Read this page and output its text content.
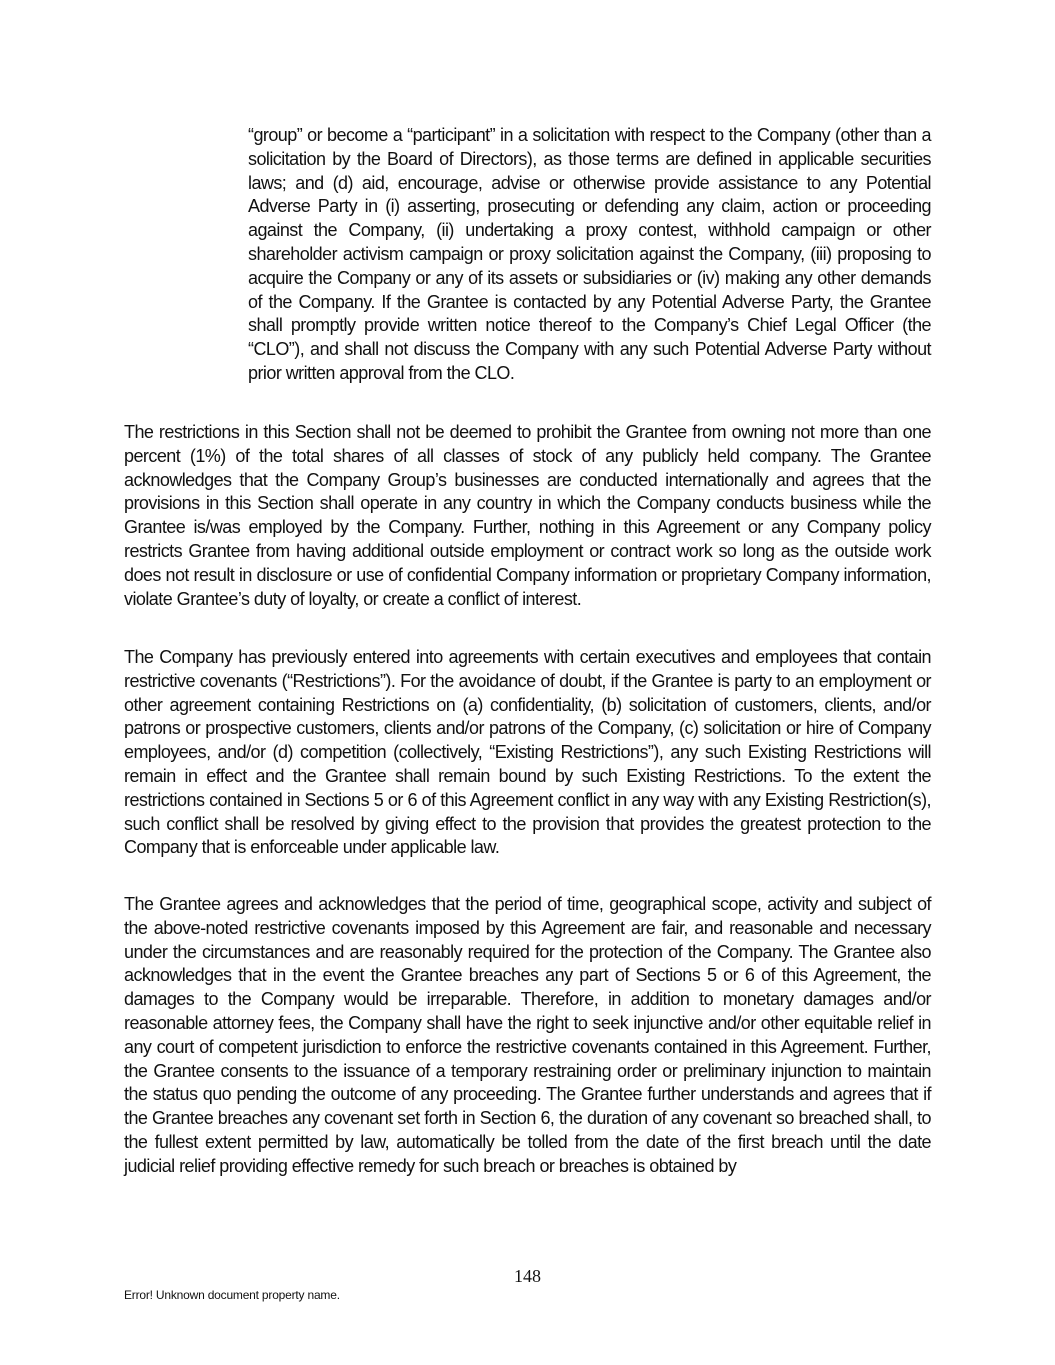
“group” or become a “participant” in a solicitation with respect to the Company (other than a solicitation by the Board of Directors), as those terms are defined in applicable securities laws; and (d) aid, encourage, advise or otherwise provide assistance to any Potential Adverse Party in (i) asserting, prosecuting or defending any claim, action or proceeding against the Company, (ii) undertaking a proxy contest, withhold campaign or other shareholder activism campaign or proxy solicitation against the Company, (iii) proposing to acquire the Company or any of its assets or subsidiaries or (iv) making any other demands of the Company. If the Grantee is contacted by any Potential Adverse Party, the Grantee shall promptly provide written notice thereof to the Company’s Chief Legal Officer (the “CLO”), and shall not discuss the Company with any such Potential Adverse Party without prior written approval from the CLO.

The restrictions in this Section shall not be deemed to prohibit the Grantee from owning not more than one percent (1%) of the total shares of all classes of stock of any publicly held company. The Grantee acknowledges that the Company Group’s businesses are conducted internationally and agrees that the provisions in this Section shall operate in any country in which the Company conducts business while the Grantee is/was employed by the Company. Further, nothing in this Agreement or any Company policy restricts Grantee from having additional outside employment or contract work so long as the outside work does not result in disclosure or use of confidential Company information or proprietary Company information, violate Grantee’s duty of loyalty, or create a conflict of interest.

The Company has previously entered into agreements with certain executives and employees that contain restrictive covenants (“Restrictions”). For the avoidance of doubt, if the Grantee is party to an employment or other agreement containing Restrictions on (a) confidentiality, (b) solicitation of customers, clients, and/or patrons or prospective customers, clients and/or patrons of the Company, (c) solicitation or hire of Company employees, and/or (d) competition (collectively, “Existing Restrictions”), any such Existing Restrictions will remain in effect and the Grantee shall remain bound by such Existing Restrictions. To the extent the restrictions contained in Sections 5 or 6 of this Agreement conflict in any way with any Existing Restriction(s), such conflict shall be resolved by giving effect to the provision that provides the greatest protection to the Company that is enforceable under applicable law.

The Grantee agrees and acknowledges that the period of time, geographical scope, activity and subject of the above-noted restrictive covenants imposed by this Agreement are fair, and reasonable and necessary under the circumstances and are reasonably required for the protection of the Company. The Grantee also acknowledges that in the event the Grantee breaches any part of Sections 5 or 6 of this Agreement, the damages to the Company would be irreparable. Therefore, in addition to monetary damages and/or reasonable attorney fees, the Company shall have the right to seek injunctive and/or other equitable relief in any court of competent jurisdiction to enforce the restrictive covenants contained in this Agreement. Further, the Grantee consents to the issuance of a temporary restraining order or preliminary injunction to maintain the status quo pending the outcome of any proceeding. The Grantee further understands and agrees that if the Grantee breaches any covenant set forth in Section 6, the duration of any covenant so breached shall, to the fullest extent permitted by law, automatically be tolled from the date of the first breach until the date judicial relief providing effective remedy for such breach or breaches is obtained by

148
Error! Unknown document property name.
